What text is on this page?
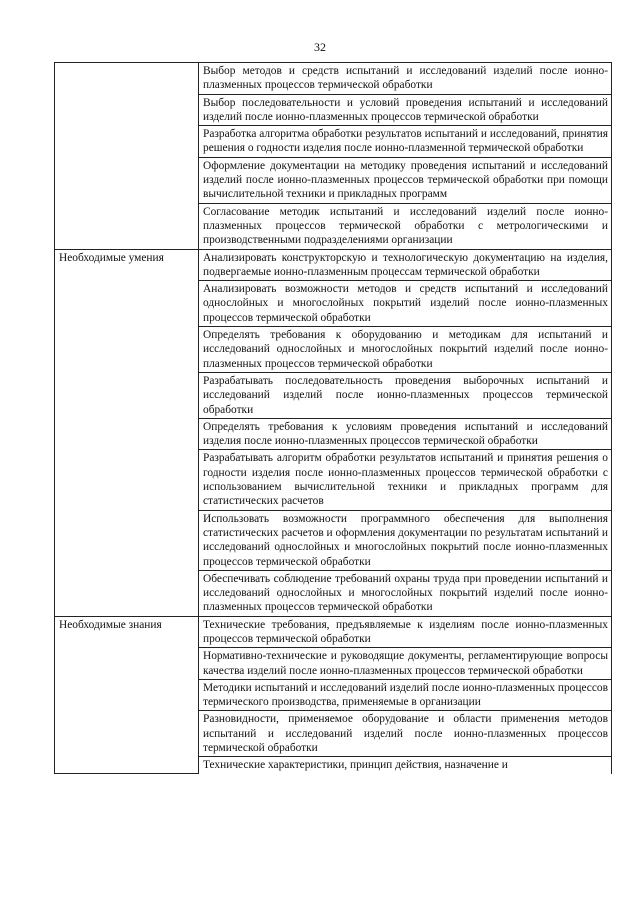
32
	Выбор методов и средств испытаний и исследований изделий после ионно-плазменных процессов термической обработки
	Выбор последовательности и условий проведения испытаний и исследований изделий после ионно-плазменных процессов термической обработки
	Разработка алгоритма обработки результатов испытаний и исследований, принятия решения о годности изделия после ионно-плазменной термической обработки
	Оформление документации на методику проведения испытаний и исследований изделий после ионно-плазменных процессов термической обработки при помощи вычислительной техники и прикладных программ
	Согласование методик испытаний и исследований изделий после ионно-плазменных процессов термической обработки с метрологическими и производственными подразделениями организации
Необходимые умения	Анализировать конструкторскую и технологическую документацию на изделия, подвергаемые ионно-плазменным процессам термической обработки
	Анализировать возможности методов и средств испытаний и исследований однослойных и многослойных покрытий изделий после ионно-плазменных процессов термической обработки
	Определять требования к оборудованию и методикам для испытаний и исследований однослойных и многослойных покрытий изделий после ионно-плазменных процессов термической обработки
	Разрабатывать последовательность проведения выборочных испытаний и исследований изделий после ионно-плазменных процессов термической обработки
	Определять требования к условиям проведения испытаний и исследований изделия после ионно-плазменных процессов термической обработки
	Разрабатывать алгоритм обработки результатов испытаний и принятия решения о годности изделия после ионно-плазменных процессов термической обработки с использованием вычислительной техники и прикладных программ для статистических расчетов
	Использовать возможности программного обеспечения для выполнения статистических расчетов и оформления документации по результатам испытаний и исследований однослойных и многослойных покрытий после ионно-плазменных процессов термической обработки
	Обеспечивать соблюдение требований охраны труда при проведении испытаний и исследований однослойных и многослойных покрытий изделий после ионно-плазменных процессов термической обработки
Необходимые знания	Технические требования, предъявляемые к изделиям после ионно-плазменных процессов термической обработки
	Нормативно-технические и руководящие документы, регламентирующие вопросы качества изделий после ионно-плазменных процессов термической обработки
	Методики испытаний и исследований изделий после ионно-плазменных процессов термического производства, применяемые в организации
	Разновидности, применяемое оборудование и области применения методов испытаний и исследований изделий после ионно-плазменных процессов термической обработки
	Технические характеристики, принцип действия, назначение и
